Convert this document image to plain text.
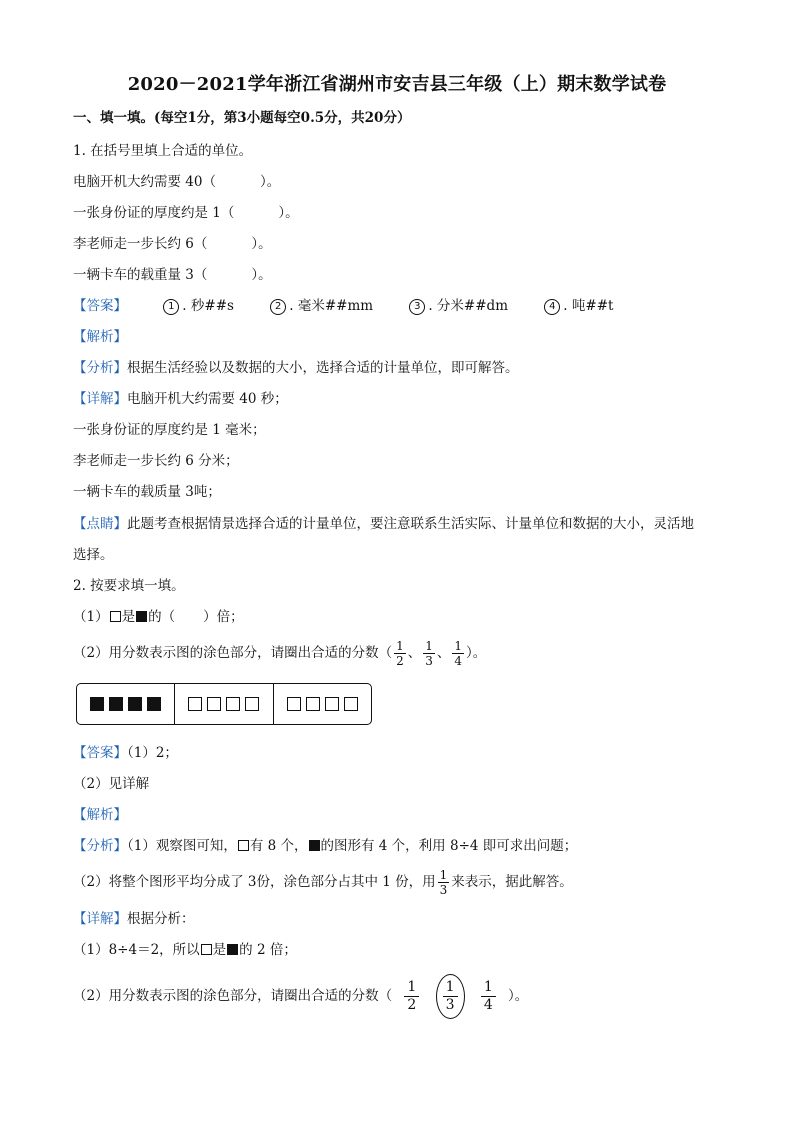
2020－2021学年浙江省湖州市安吉县三年级（上）期末数学试卷
一、填一填。(每空1分，第3小题每空0.5分，共20分）
1. 在括号里填上合适的单位。
电脑开机大约需要 40（	）。
一张身份证的厚度约是 1（	）。
李老师走一步长约 6（	）。
一辆卡车的载重量 3（	）。
【答案】	1 . 秒##s	2 . 毫米##mm	3 . 分米##dm	4 . 吨##t
【解析】
【分析】根据生活经验以及数据的大小，选择合适的计量单位，即可解答。
【详解】电脑开机大约需要 40 秒；
一张身份证的厚度约是 1 毫米；
李老师走一步长约 6 分米；
一辆卡车的载质量 3吨；
【点睛】此题考查根据情景选择合适的计量单位，要注意联系生活实际、计量单位和数据的大小，灵活地
选择。
2. 按要求填一填。
（1） 是 的（ ）倍；
（2）用分数表示图的涂色部分，请圈出合适的分数（ $\frac{1}{2}$ 、 $\frac{1}{3}$ 、 $\frac{1}{4}$ ）。
【答案】（1）2；
（2）见详解
【解析】
【分析】（1）观察图可知， 有 8 个， 的图形有 4 个，利用 8÷4 即可求出问题；
（2）将整个图形平均分成了 3份，涂色部分占其中 1 份，用 $\frac{1}{3}$ 来表示，据此解答。
【详解】根据分析：
（1）8÷4＝2，所以 是 的 2 倍；
（2）用分数表示图的涂色部分，请圈出合适的分数（ $\frac{1}{2}$
$\frac{1}{3}$
$\frac{1}{4}$ ）。
